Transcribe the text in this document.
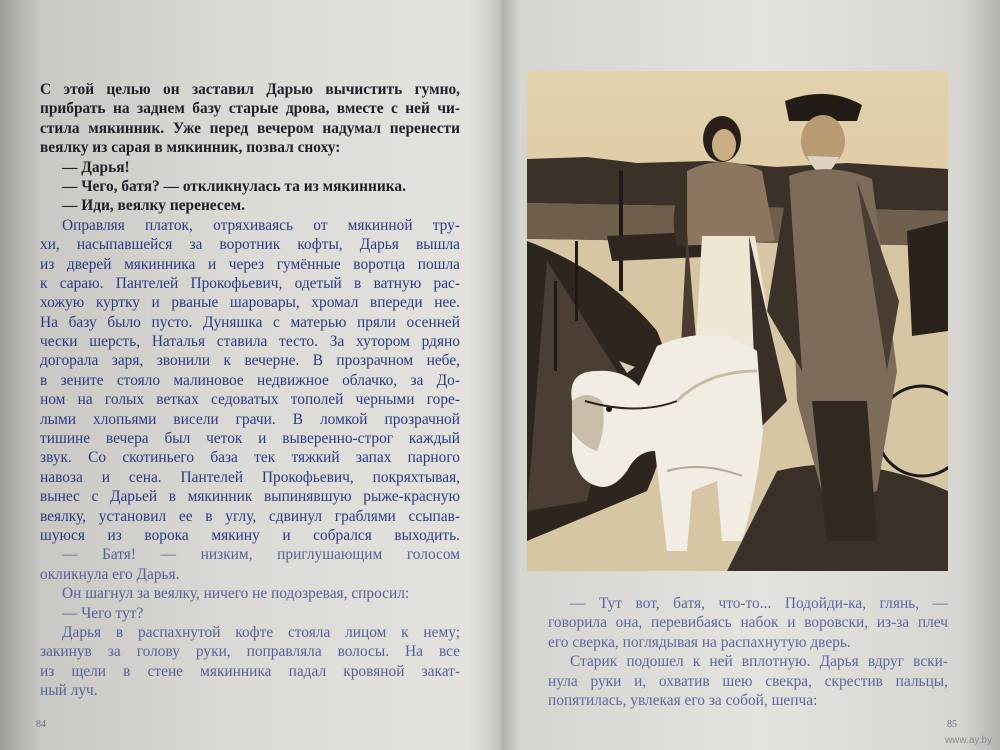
С этой целью он заставил Дарью вычистить гумно,
прибрать на заднем базу старые дрова, вместе с ней чи-
стила мякинник. Уже перед вечером надумал перенести
веялку из сарая в мякинник, позвал сноху:
— Дарья!
— Чего, батя? — откликнулась та из мякинника.
— Иди, веялку перенесем.
Оправляя платок, отряхиваясь от мякинной тру-
хи, насыпавшейся за воротник кофты, Дарья вышла
из дверей мякинника и через гумённые воротца пошла
к сараю. Пантелей Прокофьевич, одетый в ватную рас-
хожую куртку и рваные шаровары, хромал впереди нее.
На базу было пусто. Дуняшка с матерью пряли осенней
чески шерсть, Наталья ставила тесто. За хутором рдяно
догорала заря, звонили к вечерне. В прозрачном небе,
в зените стояло малиновое недвижное облачко, за До-
ном на голых ветках седоватых тополей черными горе-
лыми хлопьями висели грачи. В ломкой прозрачной
тишине вечера был четок и выверенно-строг каждый
звук. Со скотиньего база тек тяжкий запах парного
навоза и сена. Пантелей Прокофьевич, покряхтывая,
вынес с Дарьей в мякинник выпинявшую рыже-красную
веялку, установил ее в углу, сдвинул граблями ссыпав-
шуюся из ворока мякину и собрался выходить.
— Батя! — низким, приглушающим голосом
окликнула его Дарья.
Он шагнул за веялку, ничего не подозревая, спросил:
— Чего тут?
Дарья в распахнутой кофте стояла лицом к нему;
закинув за голову руки, поправляла волосы. На все
из щели в стене мякинника падал кровяной закат-
ный луч.
— Тут вот, батя, что-то... Подойди-ка, глянь, —
говорила она, перевибаясь набок и воровски, из-за плеч
его сверка, поглядывая на распахнутую дверь.
Старик подошел к ней вплотную. Дарья вдруг вски-
нула руки и, охватив шею свекра, скрестив пальцы,
попятилась, увлекая его за собой, шепча:
84	85
www.ay.by
